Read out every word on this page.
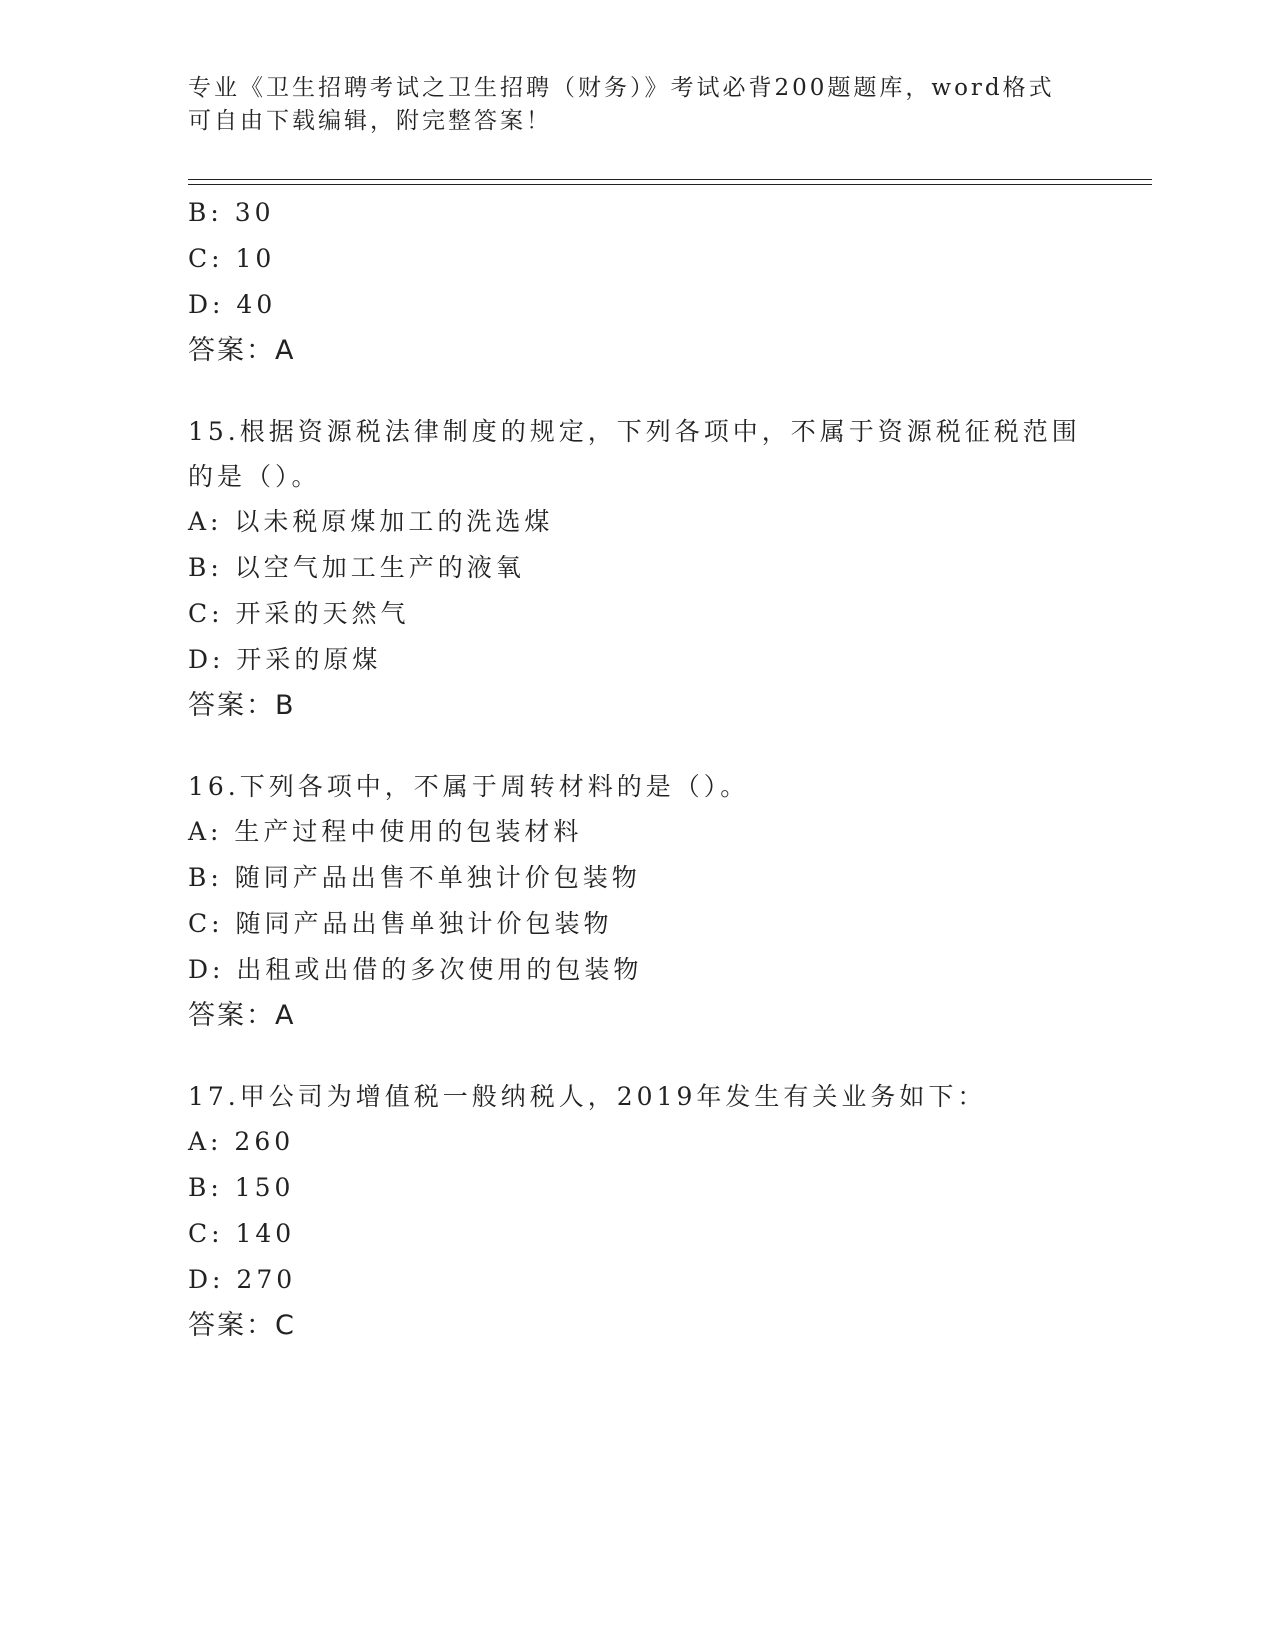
专业《卫生招聘考试之卫生招聘（财务）》考试必背200题题库，word格式可自由下载编辑，附完整答案！
B: 30
C: 10
D: 40
答案：A
15.根据资源税法律制度的规定，下列各项中，不属于资源税征税范围的是（）。
A: 以未税原煤加工的洗选煤
B: 以空气加工生产的液氧
C: 开采的天然气
D: 开采的原煤
答案：B
16.下列各项中，不属于周转材料的是（）。
A: 生产过程中使用的包装材料
B: 随同产品出售不单独计价包装物
C: 随同产品出售单独计价包装物
D: 出租或出借的多次使用的包装物
答案：A
17.甲公司为增值税一般纳税人，2019年发生有关业务如下：
A: 260
B: 150
C: 140
D: 270
答案：C
